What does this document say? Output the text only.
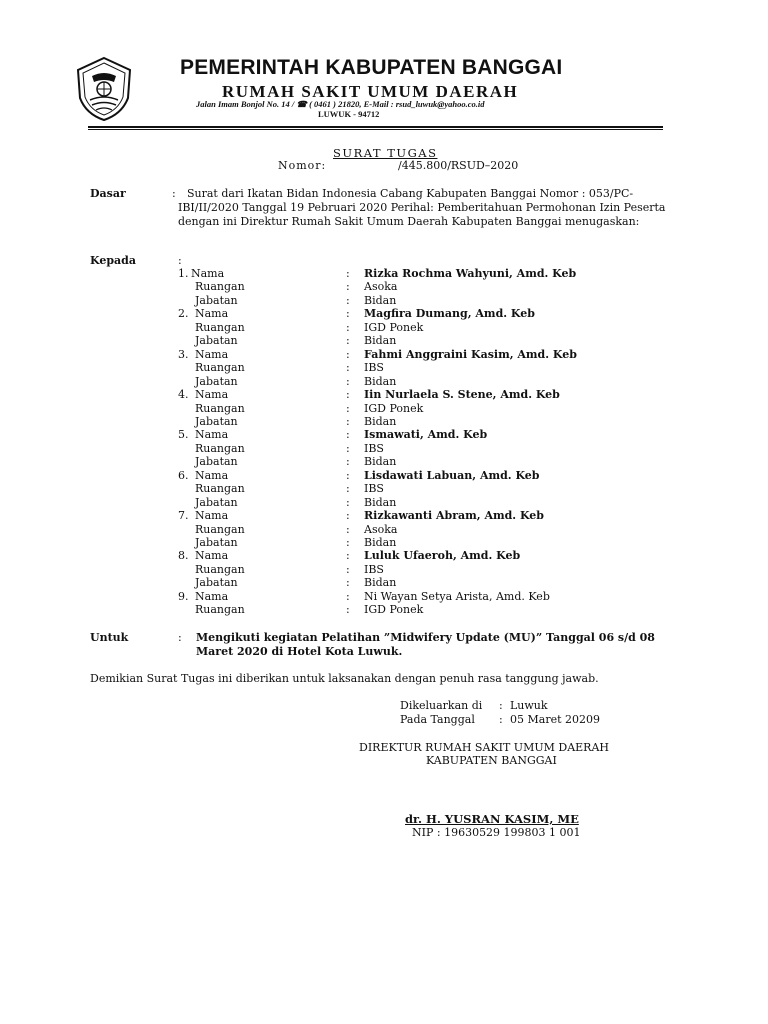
PEMERINTAH KABUPATEN BANGGAI
RUMAH SAKIT UMUM DAERAH
Jalan Imam Bonjol No. 14 / ☎ ( 0461 ) 21820, E-Mail : rsud_luwuk@yahoo.co.id
LUWUK - 94712
SURAT TUGAS
Nomor:	/445.800/RSUD–2020
Dasar	:	Surat dari Ikatan Bidan Indonesia Cabang Kabupaten Banggai Nomor : 053/PC-IBI/II/2020 Tanggal 19 Pebruari 2020 Perihal: Pemberitahuan Permohonan Izin Peserta dengan ini Direktur Rumah Sakit Umum Daerah Kabupaten Banggai menugaskan:
Kepada	:
1. Nama	: Rizka Rochma Wahyuni, Amd. Keb
Ruangan	: Asoka
Jabatan	: Bidan
2. Nama	: Magfira Dumang, Amd. Keb
Ruangan	: IGD Ponek
Jabatan	: Bidan
3. Nama	: Fahmi Anggraini Kasim, Amd. Keb
Ruangan	: IBS
Jabatan	: Bidan
4. Nama	: Iin Nurlaela S. Stene, Amd. Keb
Ruangan	: IGD Ponek
Jabatan	: Bidan
5. Nama	: Ismawati, Amd. Keb
Ruangan	: IBS
Jabatan	: Bidan
6. Nama	: Lisdawati Labuan, Amd. Keb
Ruangan	: IBS
Jabatan	: Bidan
7. Nama	: Rizkawanti Abram, Amd. Keb
Ruangan	: Asoka
Jabatan	: Bidan
8. Nama	: Luluk Ufaeroh, Amd. Keb
Ruangan	: IBS
Jabatan	: Bidan
9. Nama	: Ni Wayan Setya Arista, Amd. Keb
Ruangan	: IGD Ponek
Untuk	: Mengikuti kegiatan Pelatihan ”Midwifery Update (MU)” Tanggal 06 s/d 08 Maret 2020 di Hotel Kota Luwuk.
Demikian Surat Tugas ini diberikan untuk laksanakan dengan penuh rasa tanggung jawab.
Dikeluarkan di : Luwuk
Pada Tanggal : 05 Maret 20209
DIREKTUR RUMAH SAKIT UMUM DAERAH
KABUPATEN BANGGAI
dr. H. YUSRAN KASIM, ME
NIP : 19630529 199803 1 001
